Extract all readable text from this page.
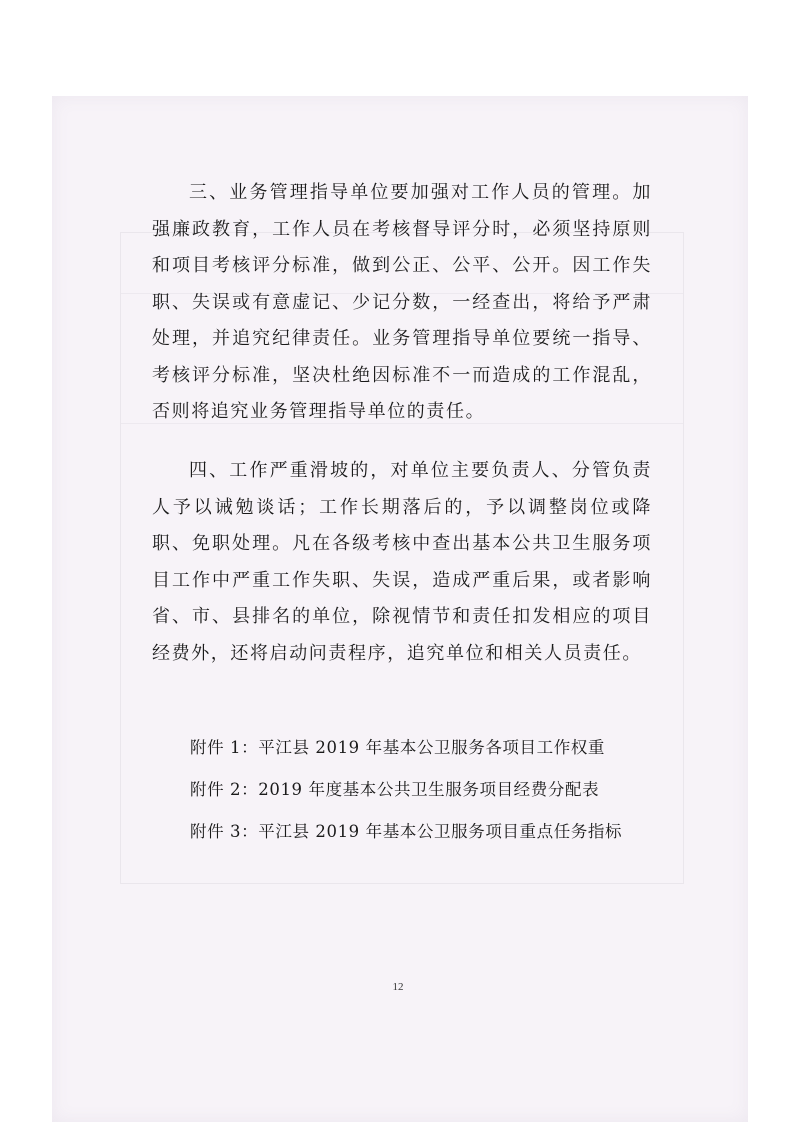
三、业务管理指导单位要加强对工作人员的管理。加强廉政教育，工作人员在考核督导评分时，必须坚持原则和项目考核评分标准，做到公正、公平、公开。因工作失职、失误或有意虚记、少记分数，一经查出，将给予严肃处理，并追究纪律责任。业务管理指导单位要统一指导、考核评分标准，坚决杜绝因标准不一而造成的工作混乱，否则将追究业务管理指导单位的责任。

四、工作严重滑坡的，对单位主要负责人、分管负责人予以诫勉谈话；工作长期落后的，予以调整岗位或降职、免职处理。凡在各级考核中查出基本公共卫生服务项目工作中严重工作失职、失误，造成严重后果，或者影响省、市、县排名的单位，除视情节和责任扣发相应的项目经费外，还将启动问责程序，追究单位和相关人员责任。

附件 1：平江县 2019 年基本公卫服务各项目工作权重
附件 2：2019 年度基本公共卫生服务项目经费分配表
附件 3：平江县 2019 年基本公卫服务项目重点任务指标
12
